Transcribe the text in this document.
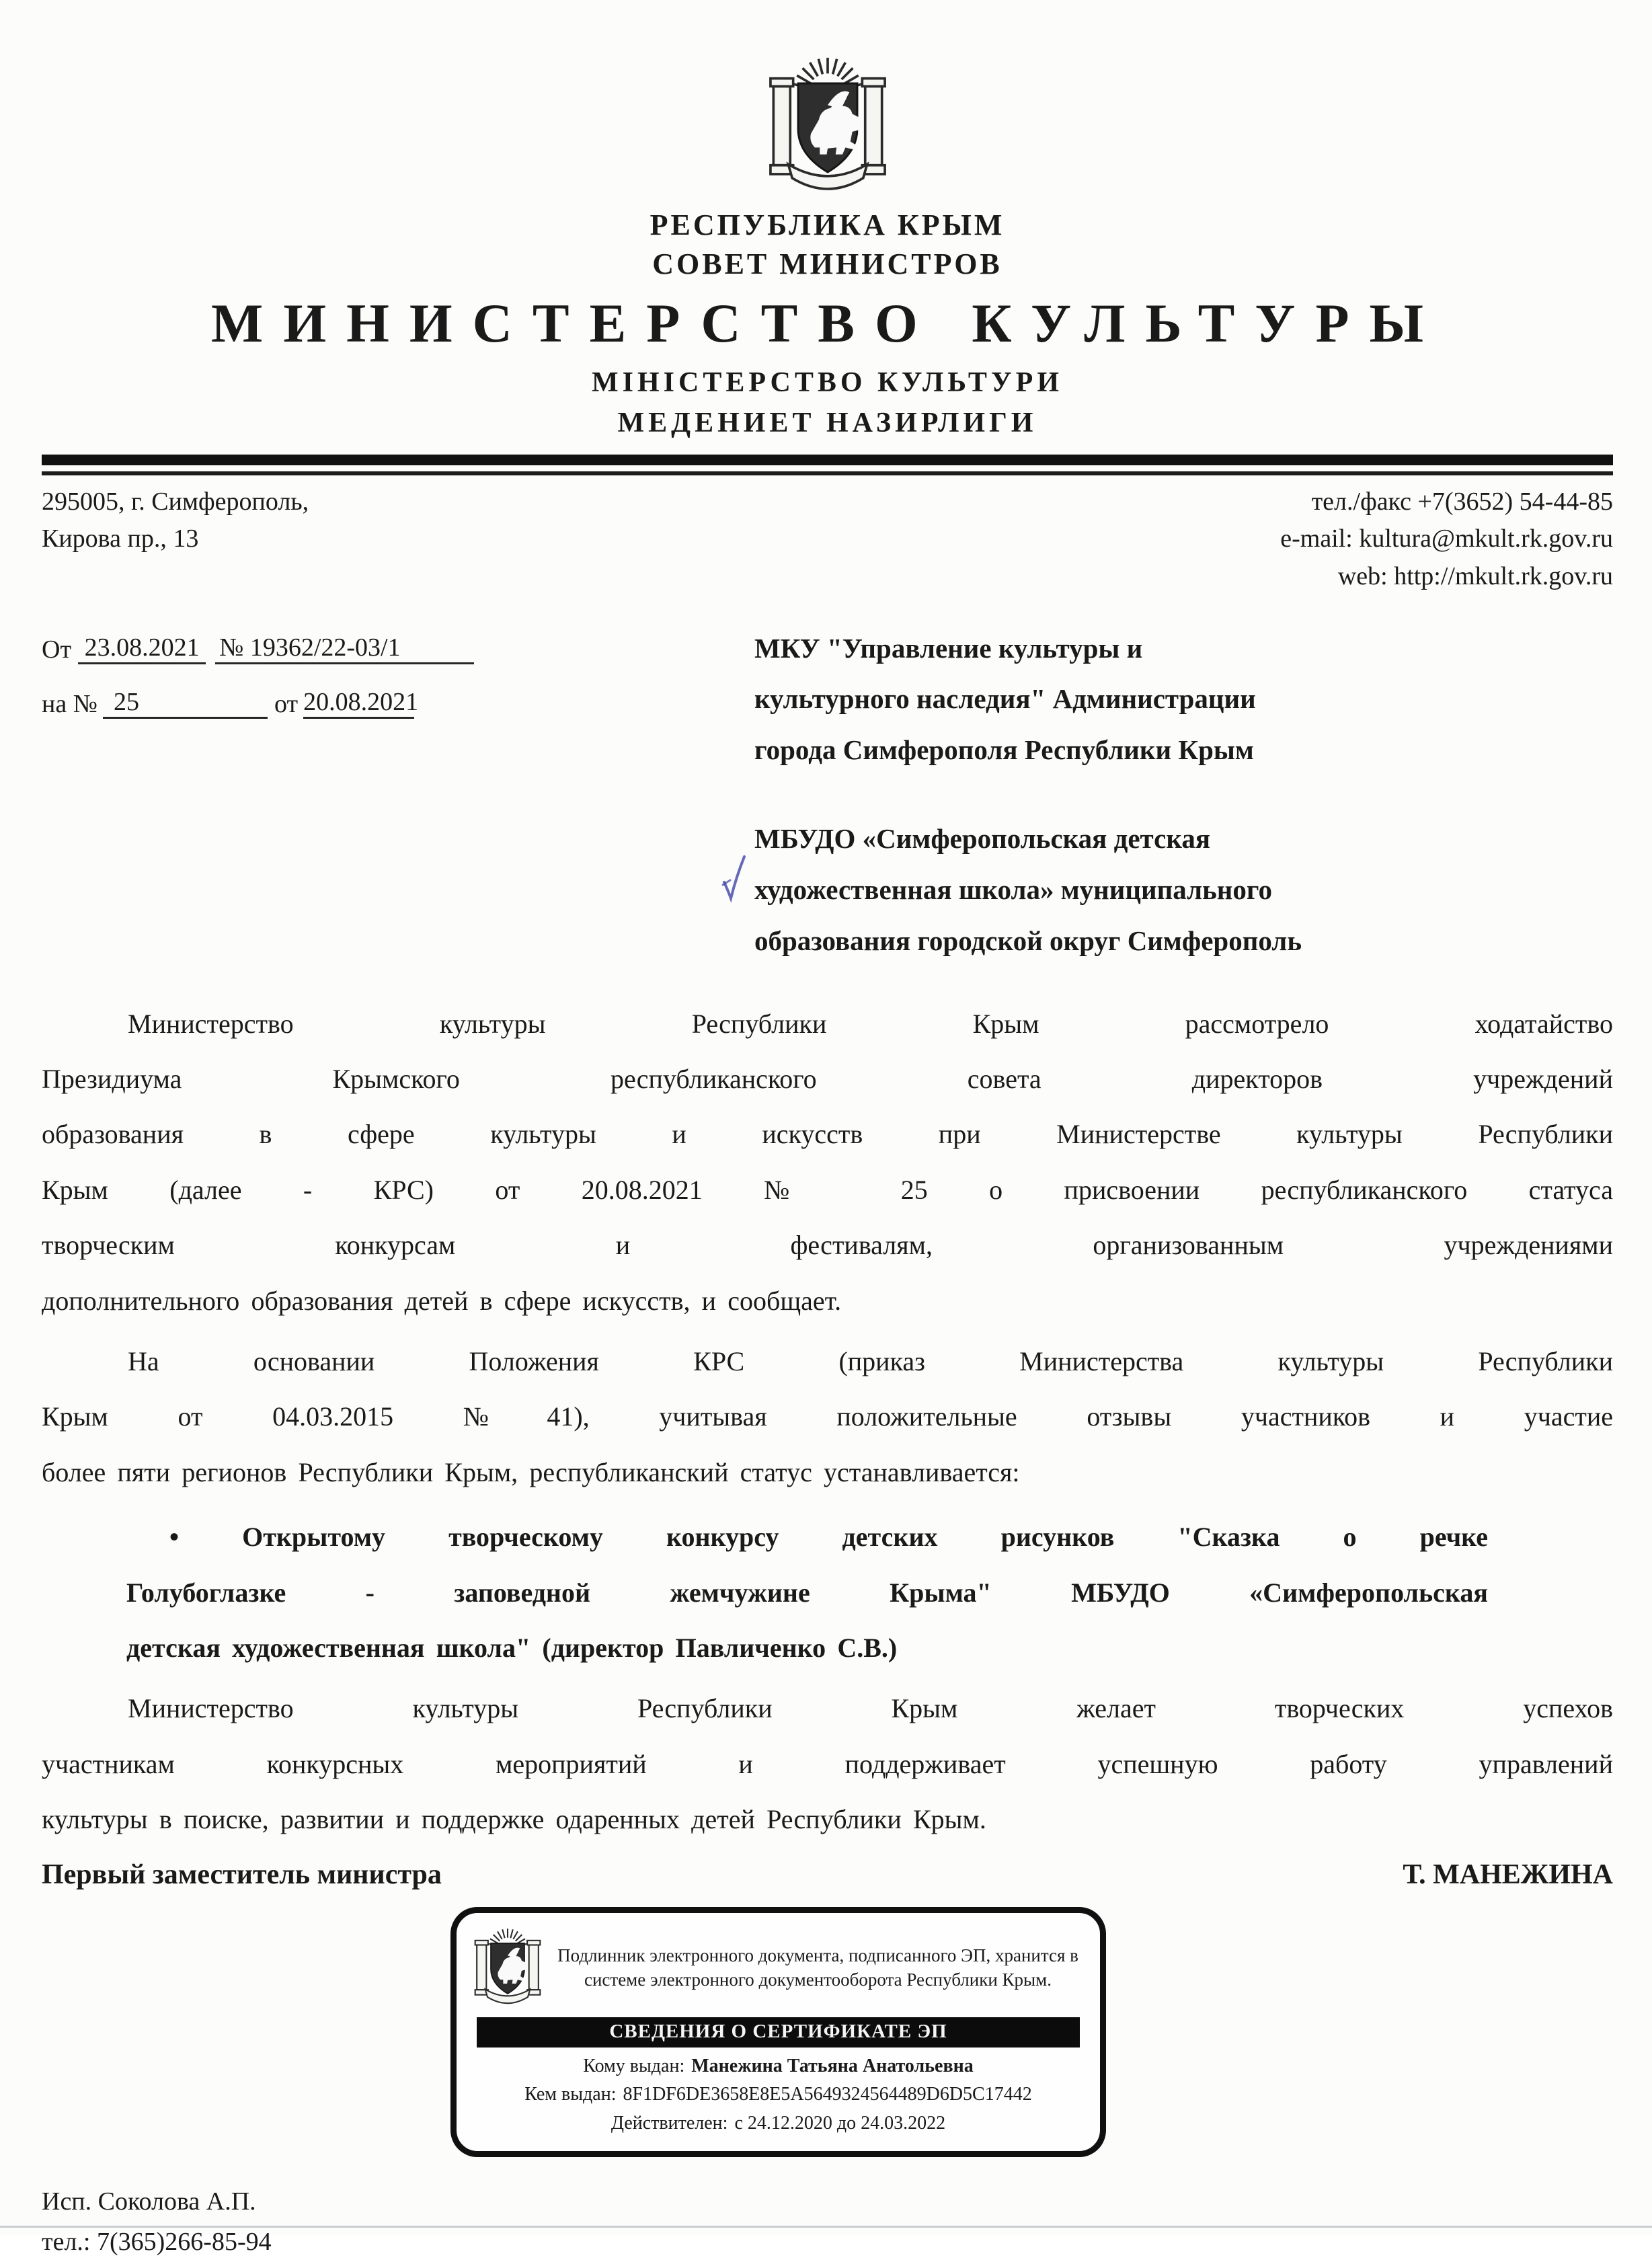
РЕСПУБЛИКА КРЫМ
СОВЕТ МИНИСТРОВ
МИНИСТЕРСТВО КУЛЬТУРЫ
МІНІСТЕРСТВО КУЛЬТУРИ
МЕДЕНИЕТ НАЗИРЛИГИ
295005, г. Симферополь,
Кирова пр., 13
тел./факс +7(3652) 54-44-85
e-mail: kultura@mkult.rk.gov.ru
web: http://mkult.rk.gov.ru
От 23.08.2021 № 19362/22-03/1
на № 25	от 20.08.2021
МКУ "Управление культуры и
культурного наследия" Администрации
города Симферополя Республики Крым
МБУДО «Симферопольская детская
художественная школа» муниципального
образования городской округ Симферополь
Министерство культуры Республики Крым рассмотрело ходатайство
Президиума Крымского республиканского совета директоров учреждений
образования в сфере культуры и искусств при Министерстве культуры Республики
Крым (далее - КРС) от 20.08.2021 № 25 о присвоении республиканского статуса
творческим конкурсам и фестивалям, организованным учреждениями
дополнительного образования детей в сфере искусств, и сообщает.
На основании Положения КРС (приказ Министерства культуры Республики
Крым от 04.03.2015 №41), учитывая положительные отзывы участников и участие
более пяти регионов Республики Крым, республиканский статус устанавливается:
• Открытому творческому конкурсу детских рисунков "Сказка о речке
Голубоглазке - заповедной жемчужине Крыма" МБУДО «Симферопольская
детская художественная школа" (директор Павличенко С.В.)
Министерство культуры Республики Крым желает творческих успехов
участникам конкурсных мероприятий и поддерживает успешную работу управлений
культуры в поиске, развитии и поддержке одаренных детей Республики Крым.
Первый заместитель министра	Т. МАНЕЖИНА
Подлинник электронного документа, подписанного ЭП, хранится в
системе электронного документооборота Республики Крым.
СВЕДЕНИЯ О СЕРТИФИКАТЕ ЭП
Кому выдан: Манежина Татьяна Анатольевна
Кем выдан: 8F1DF6DE3658E8E5A5649324564489D6D5C17442
Действителен: с 24.12.2020 до 24.03.2022
Исп. Соколова А.П.
тел.: 7(365)266-85-94
